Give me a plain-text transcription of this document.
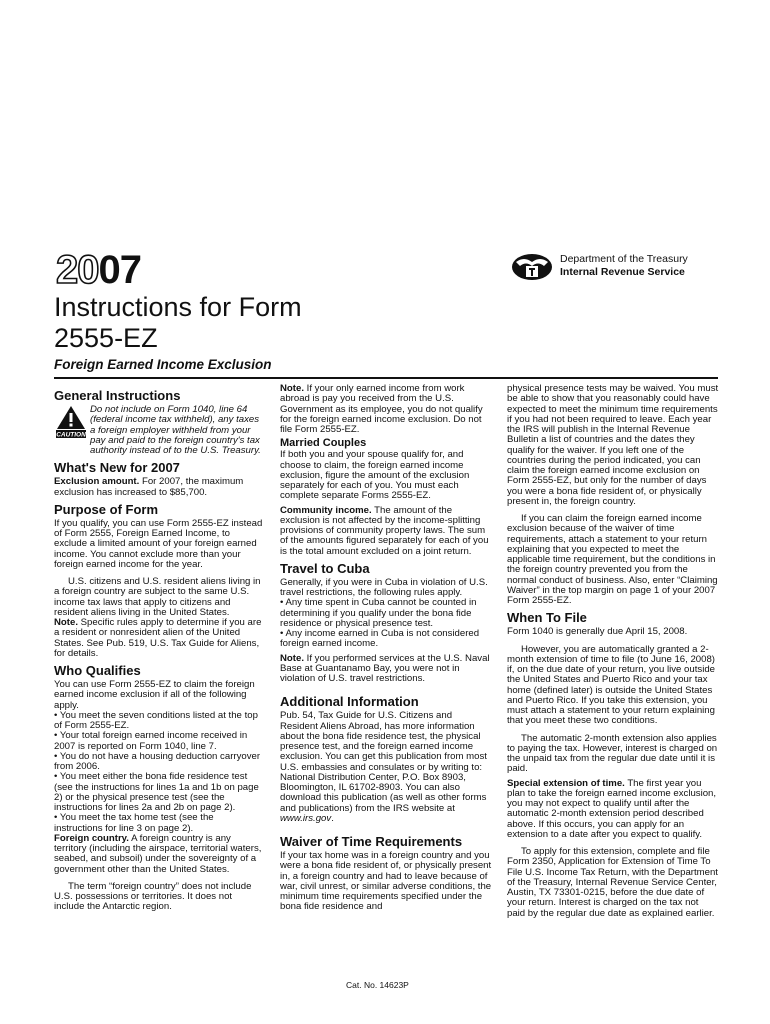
2007	Department of the Treasury
Internal Revenue Service
Instructions for Form
2555-EZ
Foreign Earned Income Exclusion
General Instructions
CAUTION
Do not include on Form 1040, line 64 (federal income tax withheld), any taxes a foreign employer withheld from your pay and paid to the foreign country's tax authority instead of to the U.S. Treasury.
What's New for 2007

Exclusion amount. For 2007, the maximum exclusion has increased to $85,700.

Purpose of Form

If you qualify, you can use Form 2555-EZ instead of Form 2555, Foreign Earned Income, to exclude a limited amount of your foreign earned income. You cannot exclude more than your foreign earned income for the year.

U.S. citizens and U.S. resident aliens living in a foreign country are subject to the same U.S. income tax laws that apply to citizens and resident aliens living in the United States.

Note. Specific rules apply to determine if you are a resident or nonresident alien of the United States. See Pub. 519, U.S. Tax Guide for Aliens, for details.

Who Qualifies

You can use Form 2555-EZ to claim the foreign earned income exclusion if all of the following apply.

• You meet the seven conditions listed at the top of Form 2555-EZ.

• Your total foreign earned income received in 2007 is reported on Form 1040, line 7.

• You do not have a housing deduction carryover from 2006.

• You meet either the bona fide residence test (see the instructions for lines 1a and 1b on page 2) or the physical presence test (see the instructions for lines 2a and 2b on page 2).

• You meet the tax home test (see the instructions for line 3 on page 2).

Foreign country. A foreign country is any territory (including the airspace, territorial waters, seabed, and subsoil) under the sovereignty of a government other than the United States.

The term “foreign country” does not include U.S. possessions or territories. It does not include the Antarctic region.

Note. If your only earned income from work abroad is pay you received from the U.S. Government as its employee, you do not qualify for the foreign earned income exclusion. Do not file Form 2555-EZ.

Married Couples

If both you and your spouse qualify for, and choose to claim, the foreign earned income exclusion, figure the amount of the exclusion separately for each of you. You must each complete separate Forms 2555-EZ.

Community income. The amount of the exclusion is not affected by the income-splitting provisions of community property laws. The sum of the amounts figured separately for each of you is the total amount excluded on a joint return.

Travel to Cuba

Generally, if you were in Cuba in violation of U.S. travel restrictions, the following rules apply.

• Any time spent in Cuba cannot be counted in determining if you qualify under the bona fide residence or physical presence test.

• Any income earned in Cuba is not considered foreign earned income.

Note. If you performed services at the U.S. Naval Base at Guantanamo Bay, you were not in violation of U.S. travel restrictions.

Additional Information

Pub. 54, Tax Guide for U.S. Citizens and Resident Aliens Abroad, has more information about the bona fide residence test, the physical presence test, and the foreign earned income exclusion. You can get this publication from most U.S. embassies and consulates or by writing to: National Distribution Center, P.O. Box 8903, Bloomington, IL 61702-8903. You can also download this publication (as well as other forms and publications) from the IRS website at www.irs.gov.

Waiver of Time Requirements

If your tax home was in a foreign country and you were a bona fide resident of, or physically present in, a foreign country and had to leave because of war, civil unrest, or similar adverse conditions, the minimum time requirements specified under the bona fide residence and

physical presence tests may be waived. You must be able to show that you reasonably could have expected to meet the minimum time requirements if you had not been required to leave. Each year the IRS will publish in the Internal Revenue Bulletin a list of countries and the dates they qualify for the waiver. If you left one of the countries during the period indicated, you can claim the foreign earned income exclusion on Form 2555-EZ, but only for the number of days you were a bona fide resident of, or physically present in, the foreign country.

If you can claim the foreign earned income exclusion because of the waiver of time requirements, attach a statement to your return explaining that you expected to meet the applicable time requirement, but the conditions in the foreign country prevented you from the normal conduct of business. Also, enter “Claiming Waiver” in the top margin on page 1 of your 2007 Form 2555-EZ.

When To File

Form 1040 is generally due April 15, 2008.

However, you are automatically granted a 2-month extension of time to file (to June 16, 2008) if, on the due date of your return, you live outside the United States and Puerto Rico and your tax home (defined later) is outside the United States and Puerto Rico. If you take this extension, you must attach a statement to your return explaining that you meet these two conditions.

The automatic 2-month extension also applies to paying the tax. However, interest is charged on the unpaid tax from the regular due date until it is paid.

Special extension of time. The first year you plan to take the foreign earned income exclusion, you may not expect to qualify until after the automatic 2-month extension period described above. If this occurs, you can apply for an extension to a date after you expect to qualify.

To apply for this extension, complete and file Form 2350, Application for Extension of Time To File U.S. Income Tax Return, with the Department of the Treasury, Internal Revenue Service Center, Austin, TX 73301-0215, before the due date of your return. Interest is charged on the tax not paid by the regular due date as explained earlier.

Cat. No. 14623P
